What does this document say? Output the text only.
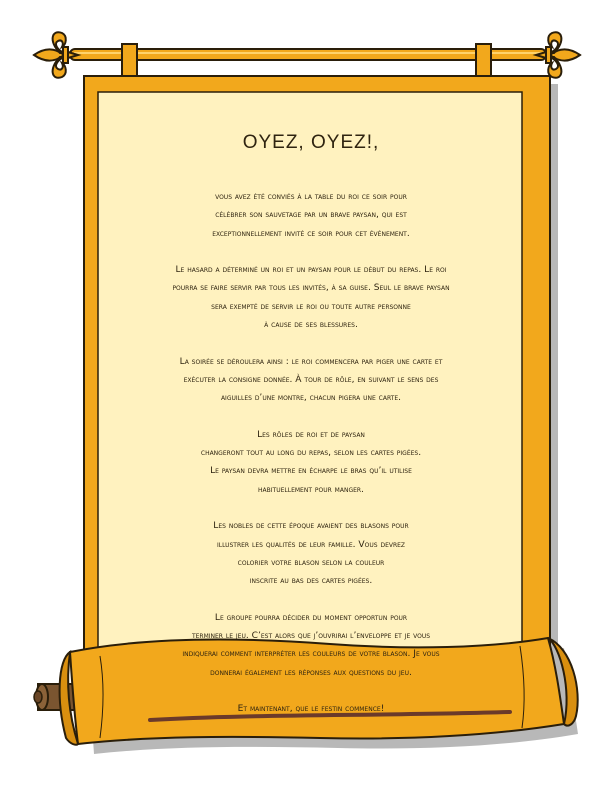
OYEZ, OYEZ!,

vous avez été conviés à la table du roi ce soir pour
célébrer son sauvetage par un brave paysan, qui est
exceptionnellement invité ce soir pour cet événement.

Le hasard a déterminé un roi et un paysan pour le début du repas. Le roi
pourra se faire servir par tous les invités, à sa guise. Seul le brave paysan
sera exempté de servir le roi ou toute autre personne
à cause de ses blessures.

La soirée se déroulera ainsi : le roi commencera par piger une carte et
exécuter la consigne donnée. À tour de rôle, en suivant le sens des
aiguilles d’une montre, chacun pigera une carte.

Les rôles de roi et de paysan
changeront tout au long du repas, selon les cartes pigées.
Le paysan devra mettre en écharpe le bras qu’il utilise
habituellement pour manger.

Les nobles de cette époque avaient des blasons pour
illustrer les qualités de leur famille. Vous devrez
colorier votre blason selon la couleur
inscrite au bas des cartes pigées.

Le groupe pourra décider du moment opportun pour
terminer le jeu. C’est alors que j’ouvrirai l’enveloppe et je vous
indiquerai comment interpréter les couleurs de votre blason. Je vous
donnerai également les réponses aux questions du jeu.

Et maintenant, que le festin commence!
